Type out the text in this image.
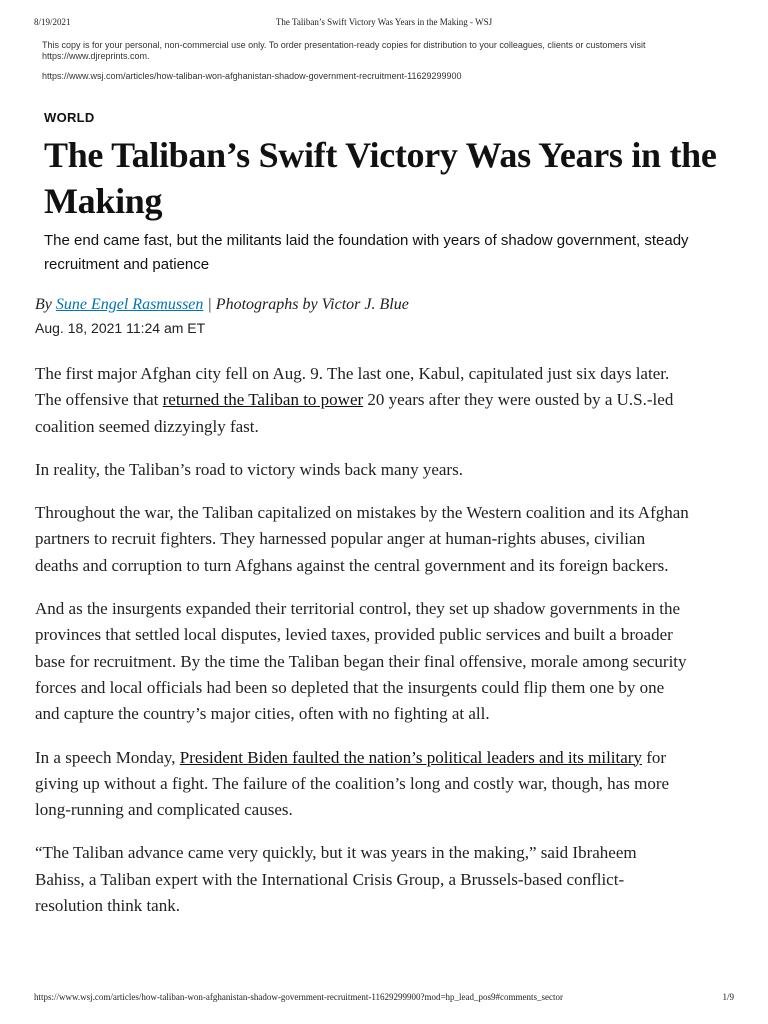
8/19/2021	The Taliban’s Swift Victory Was Years in the Making - WSJ
This copy is for your personal, non-commercial use only. To order presentation-ready copies for distribution to your colleagues, clients or customers visit https://www.djreprints.com.
https://www.wsj.com/articles/how-taliban-won-afghanistan-shadow-government-recruitment-11629299900
WORLD
The Taliban’s Swift Victory Was Years in the Making

The end came fast, but the militants laid the foundation with years of shadow government, steady recruitment and patience

By Sune Engel Rasmussen | Photographs by Victor J. Blue
Aug. 18, 2021 11:24 am ET

The first major Afghan city fell on Aug. 9. The last one, Kabul, capitulated just six days later. The offensive that returned the Taliban to power 20 years after they were ousted by a U.S.-led coalition seemed dizzyingly fast.

In reality, the Taliban’s road to victory winds back many years.

Throughout the war, the Taliban capitalized on mistakes by the Western coalition and its Afghan partners to recruit fighters. They harnessed popular anger at human-rights abuses, civilian deaths and corruption to turn Afghans against the central government and its foreign backers.

And as the insurgents expanded their territorial control, they set up shadow governments in the provinces that settled local disputes, levied taxes, provided public services and built a broader base for recruitment. By the time the Taliban began their final offensive, morale among security forces and local officials had been so depleted that the insurgents could flip them one by one and capture the country’s major cities, often with no fighting at all.

In a speech Monday, President Biden faulted the nation’s political leaders and its military for giving up without a fight. The failure of the coalition’s long and costly war, though, has more long-running and complicated causes.

“The Taliban advance came very quickly, but it was years in the making,” said Ibraheem Bahiss, a Taliban expert with the International Crisis Group, a Brussels-based conflict-resolution think tank.

https://www.wsj.com/articles/how-taliban-won-afghanistan-shadow-government-recruitment-11629299900?mod=hp_lead_pos9#comments_sector	1/9
